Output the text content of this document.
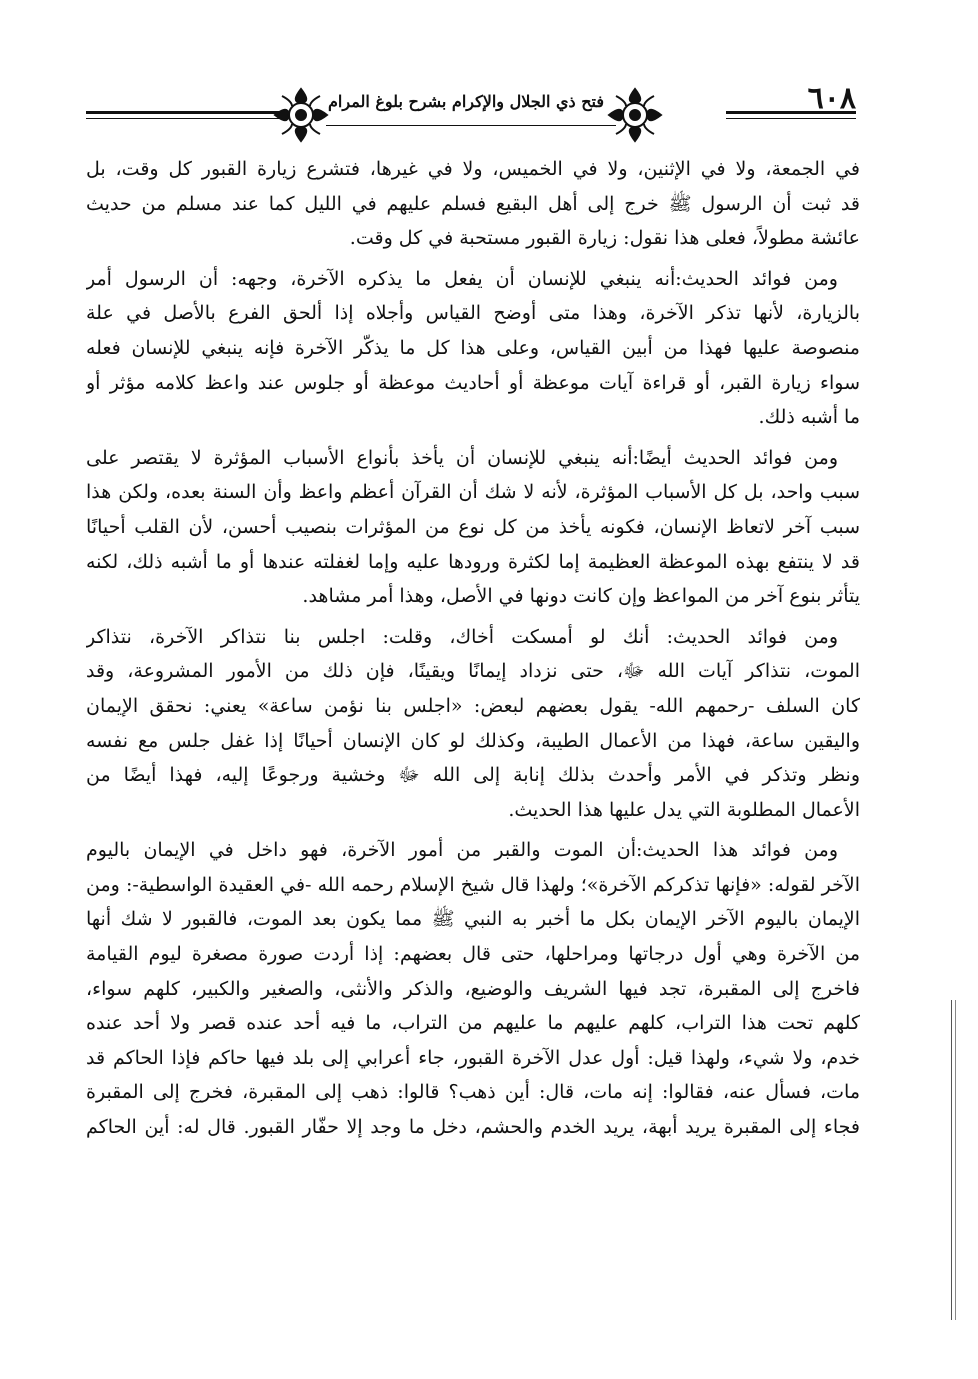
٦٠٨
فتح ذي الجلال والإكرام بشرح بلوغ المرام
في الجمعة، ولا في الإثنين، ولا في الخميس، ولا في غيرها، فتشرع زيارة القبور كل وقت، بل
قد ثبت أن الرسول ﷺ خرج إلى أهل البقيع فسلم عليهم في الليل كما عند مسلم من حديث
عائشة مطولاً، فعلى هذا نقول: زيارة القبور مستحبة في كل وقت.
ومن فوائد الحديث:أنه ينبغي للإنسان أن يفعل ما يذكره الآخرة، وجهه: أن الرسول أمر
بالزيارة، لأنها تذكر الآخرة، وهذا متى أوضح القياس وأجلاه إذا ألحق الفرع بالأصل في علة
منصوصة عليها فهذا من أبين القياس، وعلى هذا كل ما يذكّر الآخرة فإنه ينبغي للإنسان فعله
سواء زيارة القبر، أو قراءة آيات موعظة أو أحاديث موعظة أو جلوس عند واعظ كلامه مؤثر أو
ما أشبه ذلك.
ومن فوائد الحديث أيضًا:أنه ينبغي للإنسان أن يأخذ بأنواع الأسباب المؤثرة لا يقتصر على
سبب واحد، بل كل الأسباب المؤثرة، لأنه لا شك أن القرآن أعظم واعظ وأن السنة بعده، ولكن هذا
سبب آخر لاتعاظ الإنسان، فكونه يأخذ من كل نوع من المؤثرات بنصيب أحسن، لأن القلب أحيانًا
قد لا ينتفع بهذه الموعظة العظيمة إما لكثرة ورودها عليه وإما لغفلته عندها أو ما أشبه ذلك، لكنه
يتأثر بنوع آخر من المواعظ وإن كانت دونها في الأصل، وهذا أمر مشاهد.
ومن فوائد الحديث: أنك لو أمسكت أخاك، وقلت: اجلس بنا نتذاكر الآخرة، نتذاكر
الموت، نتذاكر آيات الله ﷻ، حتى نزداد إيمانًا ويقينًا، فإن ذلك من الأمور المشروعة، وقد
كان السلف -رحمهم الله- يقول بعضهم لبعض: «اجلس بنا نؤمن ساعة» يعني: نحقق الإيمان
واليقين ساعة، فهذا من الأعمال الطيبة، وكذلك لو كان الإنسان أحيانًا إذا غفل جلس مع نفسه
ونظر وتذكر في الأمر وأحدث بذلك إنابة إلى الله ﷻ وخشية ورجوعًا إليه، فهذا أيضًا من
الأعمال المطلوبة التي يدل عليها هذا الحديث.
ومن فوائد هذا الحديث:أن الموت والقبر من أمور الآخرة، فهو داخل في الإيمان باليوم
الآخر لقوله: «فإنها تذكركم الآخرة»؛ ولهذا قال شيخ الإسلام رحمه الله -في العقيدة الواسطية-: ومن
الإيمان باليوم الآخر الإيمان بكل ما أخبر به النبي ﷺ مما يكون بعد الموت، فالقبور لا شك أنها
من الآخرة وهي أول درجاتها ومراحلها، حتى قال بعضهم: إذا أردت صورة مصغرة ليوم القيامة
فاخرج إلى المقبرة، تجد فيها الشريف والوضيع، والذكر والأنثى، والصغير والكبير، كلهم سواء،
كلهم تحت هذا التراب، كلهم عليهم ما عليهم من التراب، ما فيه أحد عنده قصر ولا أحد عنده
خدم، ولا شيء، ولهذا قيل: أول عدل الآخرة القبور، جاء أعرابي إلى بلد فيها حاكم فإذا الحاكم قد
مات، فسأل عنه، فقالوا: إنه مات، قال: أين ذهب؟ قالوا: ذهب إلى المقبرة، فخرج إلى المقبرة
فجاء إلى المقبرة يريد أبهة، يريد الخدم والحشم، دخل ما وجد إلا حفّار القبور. قال له: أين الحاكم
